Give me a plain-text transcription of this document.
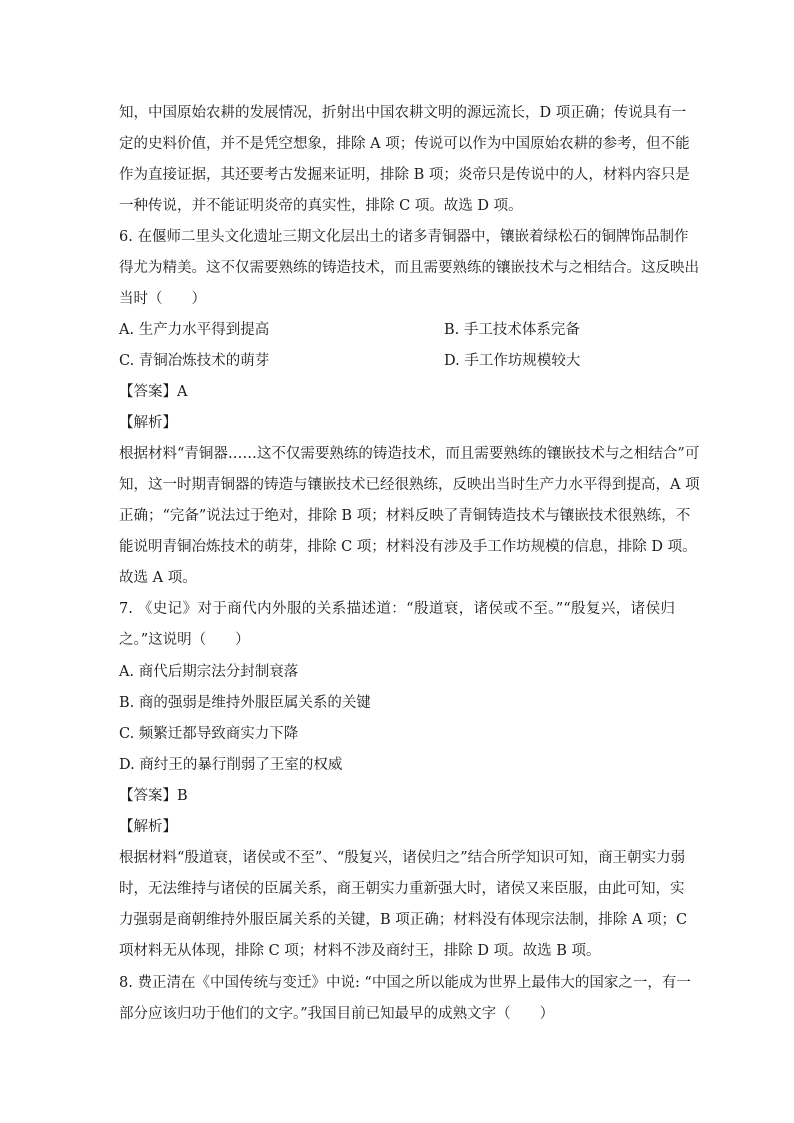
知，中国原始农耕的发展情况，折射出中国农耕文明的源远流长，D 项正确；传说具有一
定的史料价值，并不是凭空想象，排除 A 项；传说可以作为中国原始农耕的参考，但不能
作为直接证据，其还要考古发掘来证明，排除 B 项；炎帝只是传说中的人，材料内容只是
一种传说，并不能证明炎帝的真实性，排除 C 项。故选 D 项。
6. 在偃师二里头文化遗址三期文化层出土的诸多青铜器中，镶嵌着绿松石的铜牌饰品制作
得尤为精美。这不仅需要熟练的铸造技术，而且需要熟练的镶嵌技术与之相结合。这反映出
当时（　　）
A. 生产力水平得到提高	B. 手工技术体系完备
C. 青铜冶炼技术的萌芽	D. 手工作坊规模较大
【答案】A
【解析】
根据材料“青铜器……这不仅需要熟练的铸造技术，而且需要熟练的镶嵌技术与之相结合”可
知，这一时期青铜器的铸造与镶嵌技术已经很熟练，反映出当时生产力水平得到提高，A 项
正确；“完备”说法过于绝对，排除 B 项；材料反映了青铜铸造技术与镶嵌技术很熟练，不
能说明青铜冶炼技术的萌芽，排除 C 项；材料没有涉及手工作坊规模的信息，排除 D 项。
故选 A 项。
7. 《史记》对于商代内外服的关系描述道：“殷道衰，诸侯或不至。”“殷复兴，诸侯归
之。”这说明（　　）
A. 商代后期宗法分封制衰落
B. 商的强弱是维持外服臣属关系的关键
C. 频繁迁都导致商实力下降
D. 商纣王的暴行削弱了王室的权威
【答案】B
【解析】
根据材料“殷道衰，诸侯或不至”、“殷复兴，诸侯归之”结合所学知识可知，商王朝实力弱
时，无法维持与诸侯的臣属关系，商王朝实力重新强大时，诸侯又来臣服，由此可知，实
力强弱是商朝维持外服臣属关系的关键，B 项正确；材料没有体现宗法制，排除 A 项；C
项材料无从体现，排除 C 项；材料不涉及商纣王，排除 D 项。故选 B 项。
8. 费正清在《中国传统与变迁》中说: “中国之所以能成为世界上最伟大的国家之一，有一
部分应该归功于他们的文字。”我国目前已知最早的成熟文字（　　）
